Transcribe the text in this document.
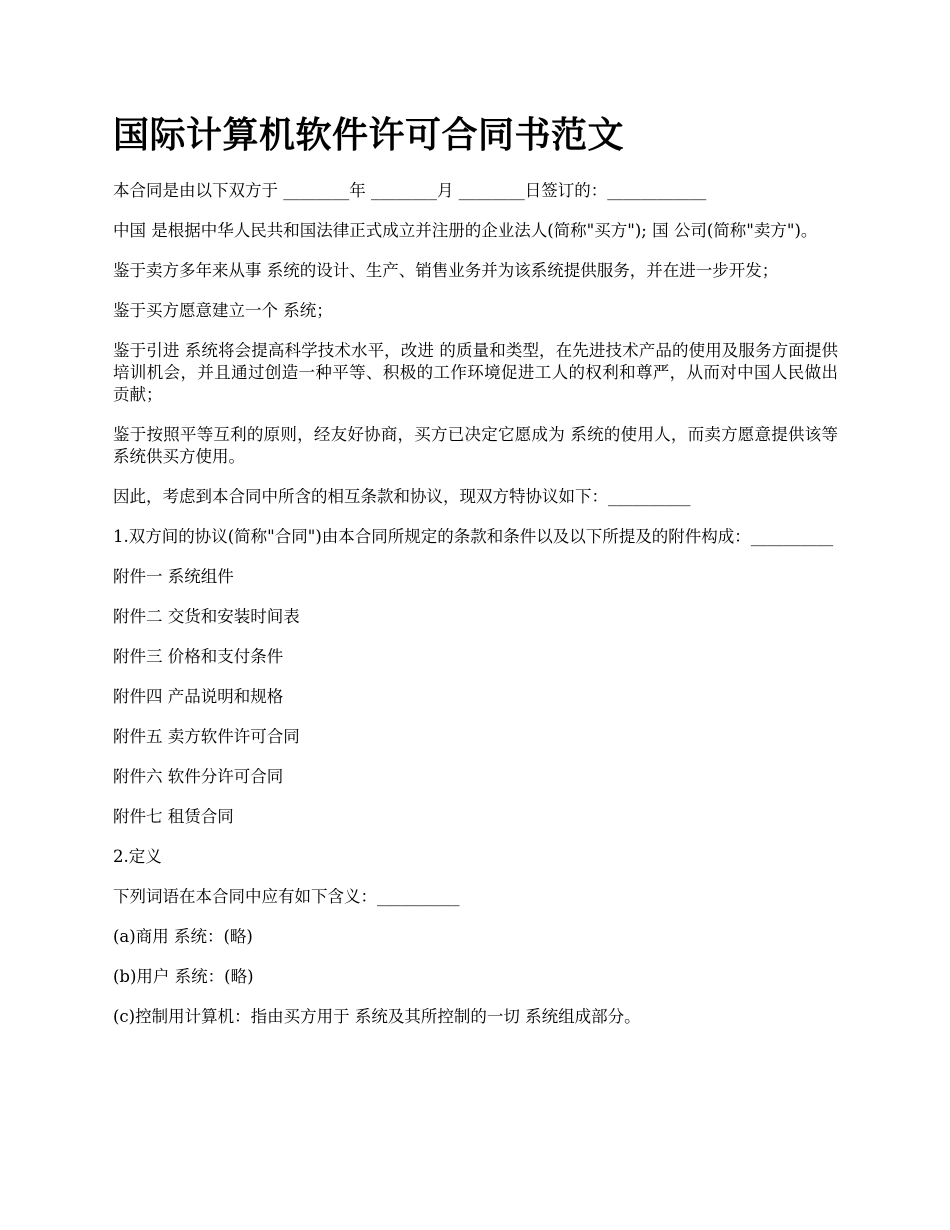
国际计算机软件许可合同书范文

本合同是由以下双方于 ________年 ________月 ________日签订的：____________

中国 是根据中华人民共和国法律正式成立并注册的企业法人(简称"买方"); 国 公司(简称"卖方")。

鉴于卖方多年来从事 系统的设计、生产、销售业务并为该系统提供服务，并在进一步开发；

鉴于买方愿意建立一个 系统；

鉴于引进 系统将会提高科学技术水平，改进 的质量和类型，在先进技术产品的使用及服务方面提供培训机会，并且通过创造一种平等、积极的工作环境促进工人的权利和尊严，从而对中国人民做出贡献；

鉴于按照平等互利的原则，经友好协商，买方已决定它愿成为 系统的使用人，而卖方愿意提供该等系统供买方使用。

因此，考虑到本合同中所含的相互条款和协议，现双方特协议如下：__________

1.双方间的协议(简称"合同")由本合同所规定的条款和条件以及以下所提及的附件构成：__________

附件一 系统组件

附件二 交货和安装时间表

附件三 价格和支付条件

附件四 产品说明和规格

附件五 卖方软件许可合同

附件六 软件分许可合同

附件七 租赁合同

2.定义

下列词语在本合同中应有如下含义：__________

(a)商用 系统：(略)

(b)用户 系统：(略)

(c)控制用计算机：指由买方用于 系统及其所控制的一切 系统组成部分。
